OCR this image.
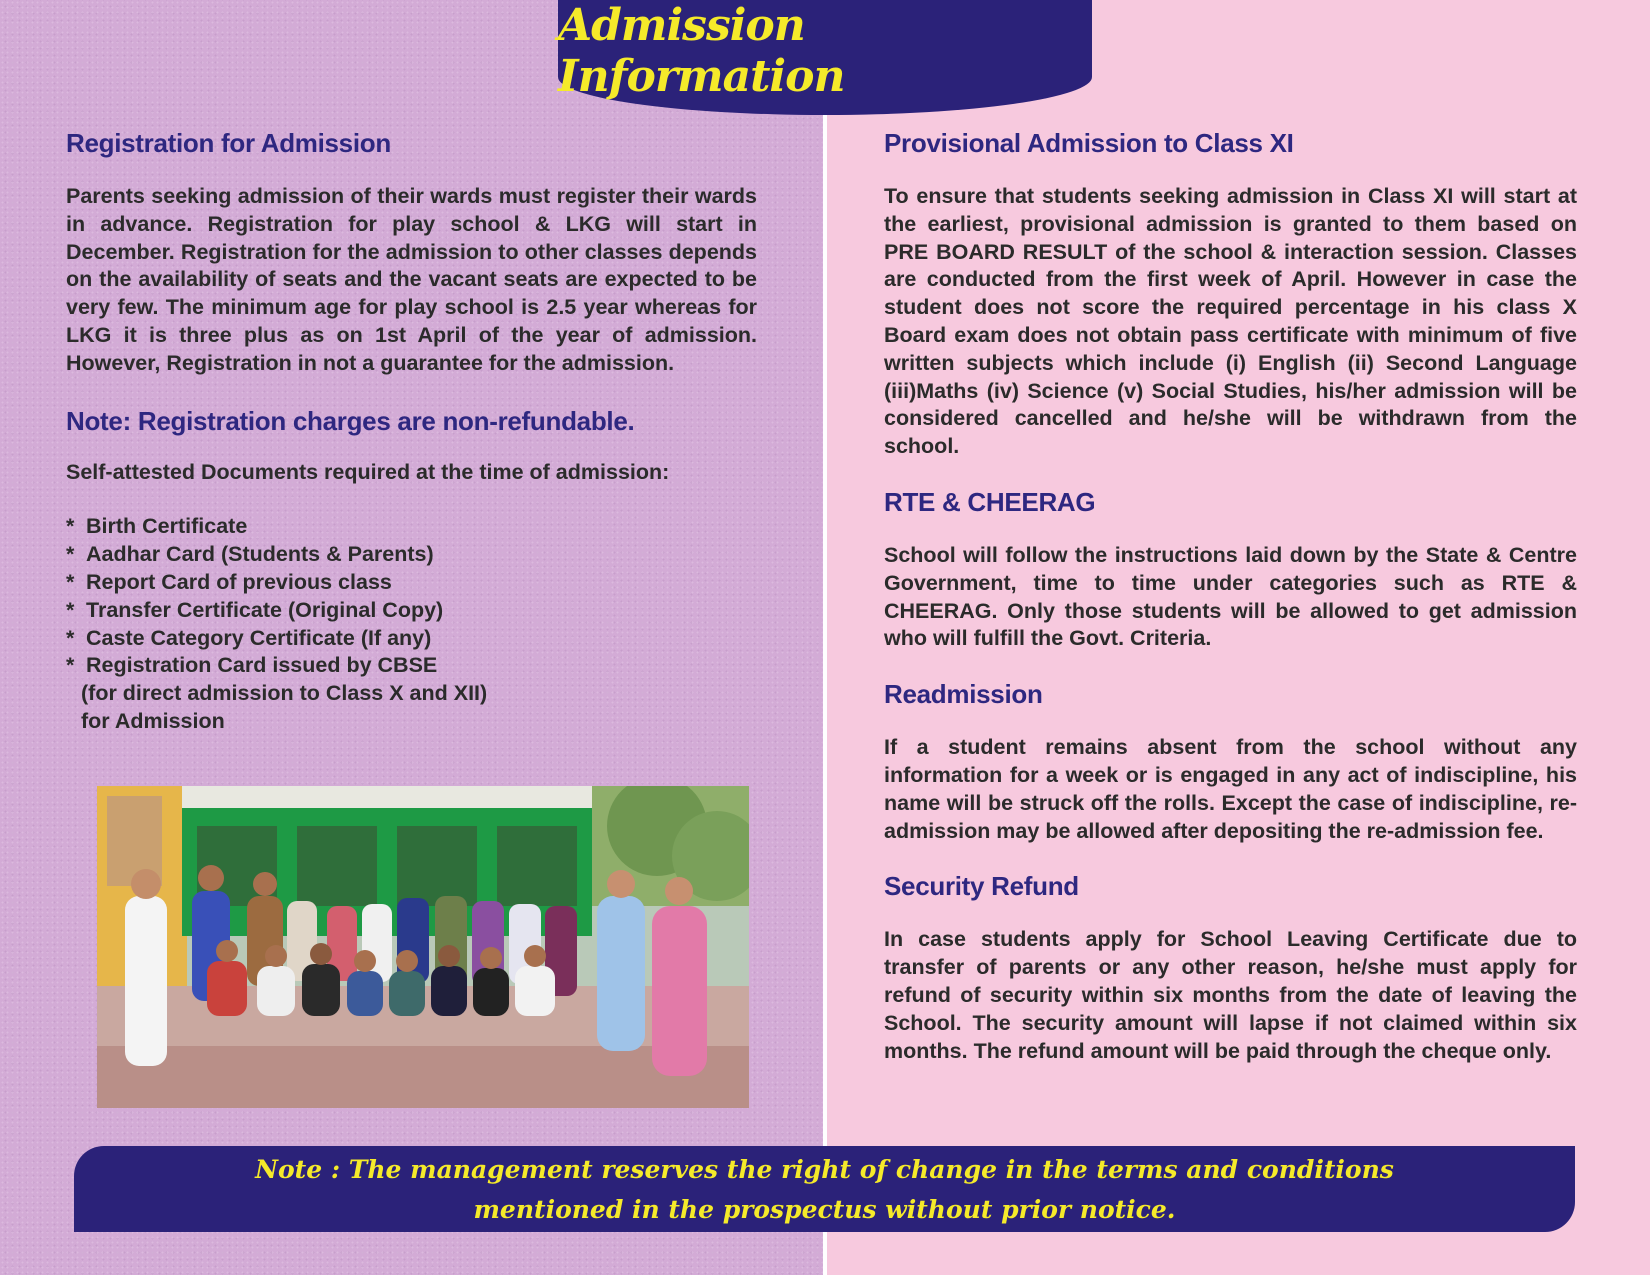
Admission Information
Registration for Admission

Parents seeking admission of their wards must register their wards in advance. Registration for play school & LKG will start in December. Registration for the admission to other classes depends on the availability of seats and the vacant seats are expected to be very few. The minimum age for play school is 2.5 year whereas for LKG it is three plus as on 1st April of the year of admission. However, Registration in not a guarantee for the admission.

Note: Registration charges are non-refundable.

Self-attested Documents required at the time of admission:

* Birth Certificate
* Aadhar Card (Students & Parents)
* Report Card of previous class
* Transfer Certificate (Original Copy)
* Caste Category Certificate (If any)
* Registration Card issued by CBSE
(for direct admission to Class X and XII)
for Admission
Provisional Admission to Class XI

To ensure that students seeking admission in Class XI will start at the earliest, provisional admission is granted to them based on PRE BOARD RESULT of the school & interaction session. Classes are conducted from the first week of April. However in case the student does not score the required percentage in his class X Board exam does not obtain pass certificate with minimum of five written subjects which include (i) English (ii) Second Language (iii)Maths (iv) Science (v) Social Studies, his/her admission will be considered cancelled and he/she will be withdrawn from the school.

RTE & CHEERAG

School will follow the instructions laid down by the State & Centre Government, time to time under categories such as RTE & CHEERAG. Only those students will be allowed to get admission who will fulfill the Govt. Criteria.

Readmission

If a student remains absent from the school without any information for a week or is engaged in any act of indiscipline, his name will be struck off the rolls. Except the case of indiscipline, re-admission may be allowed after depositing the re-admission fee.

Security Refund

In case students apply for School Leaving Certificate due to transfer of parents or any other reason, he/she must apply for refund of security within six months from the date of leaving the School. The security amount will lapse if not claimed within six months. The refund amount will be paid through the cheque only.

Note : The management reserves the right of change in the terms and conditions
mentioned in the prospectus without prior notice.
